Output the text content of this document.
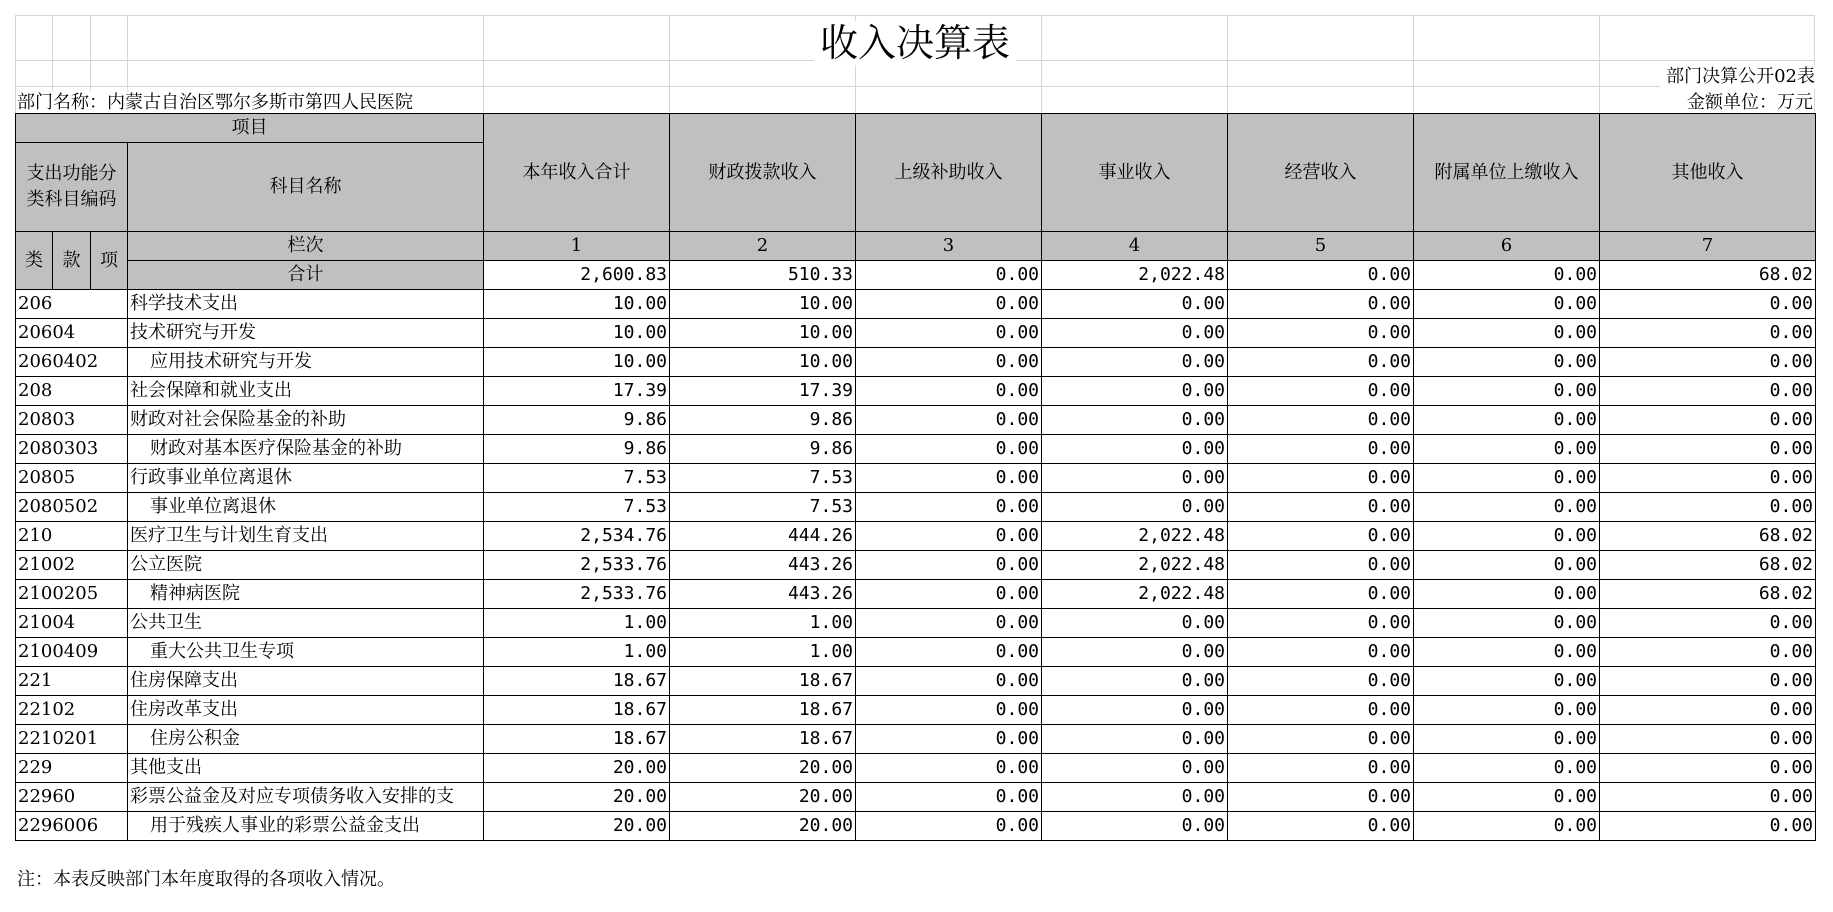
收入决算表
部门决算公开02表
部门名称：内蒙古自治区鄂尔多斯市第四人民医院	金额单位：万元
项目				本年收入合计	财政拨款收入	上级补助收入	事业收入	经营收入	附属单位上缴收入	其他收入
支出功能分类科目编码			科目名称							
类	款	项	栏次	1	2	3	4	5	6	7
			合计	2,600.83	510.33	0.00	2,022.48	0.00	0.00	68.02
206			科学技术支出	10.00	10.00	0.00	0.00	0.00	0.00	0.00
20604			技术研究与开发	10.00	10.00	0.00	0.00	0.00	0.00	0.00
2060402			应用技术研究与开发	10.00	10.00	0.00	0.00	0.00	0.00	0.00
208			社会保障和就业支出	17.39	17.39	0.00	0.00	0.00	0.00	0.00
20803			财政对社会保险基金的补助	9.86	9.86	0.00	0.00	0.00	0.00	0.00
2080303			财政对基本医疗保险基金的补助	9.86	9.86	0.00	0.00	0.00	0.00	0.00
20805			行政事业单位离退休	7.53	7.53	0.00	0.00	0.00	0.00	0.00
2080502			事业单位离退休	7.53	7.53	0.00	0.00	0.00	0.00	0.00
210			医疗卫生与计划生育支出	2,534.76	444.26	0.00	2,022.48	0.00	0.00	68.02
21002			公立医院	2,533.76	443.26	0.00	2,022.48	0.00	0.00	68.02
2100205			精神病医院	2,533.76	443.26	0.00	2,022.48	0.00	0.00	68.02
21004			公共卫生	1.00	1.00	0.00	0.00	0.00	0.00	0.00
2100409			重大公共卫生专项	1.00	1.00	0.00	0.00	0.00	0.00	0.00
221			住房保障支出	18.67	18.67	0.00	0.00	0.00	0.00	0.00
22102			住房改革支出	18.67	18.67	0.00	0.00	0.00	0.00	0.00
2210201			住房公积金	18.67	18.67	0.00	0.00	0.00	0.00	0.00
229			其他支出	20.00	20.00	0.00	0.00	0.00	0.00	0.00
22960			彩票公益金及对应专项债务收入安排的支	20.00	20.00	0.00	0.00	0.00	0.00	0.00
2296006			用于残疾人事业的彩票公益金支出	20.00	20.00	0.00	0.00	0.00	0.00	0.00
注：本表反映部门本年度取得的各项收入情况。
